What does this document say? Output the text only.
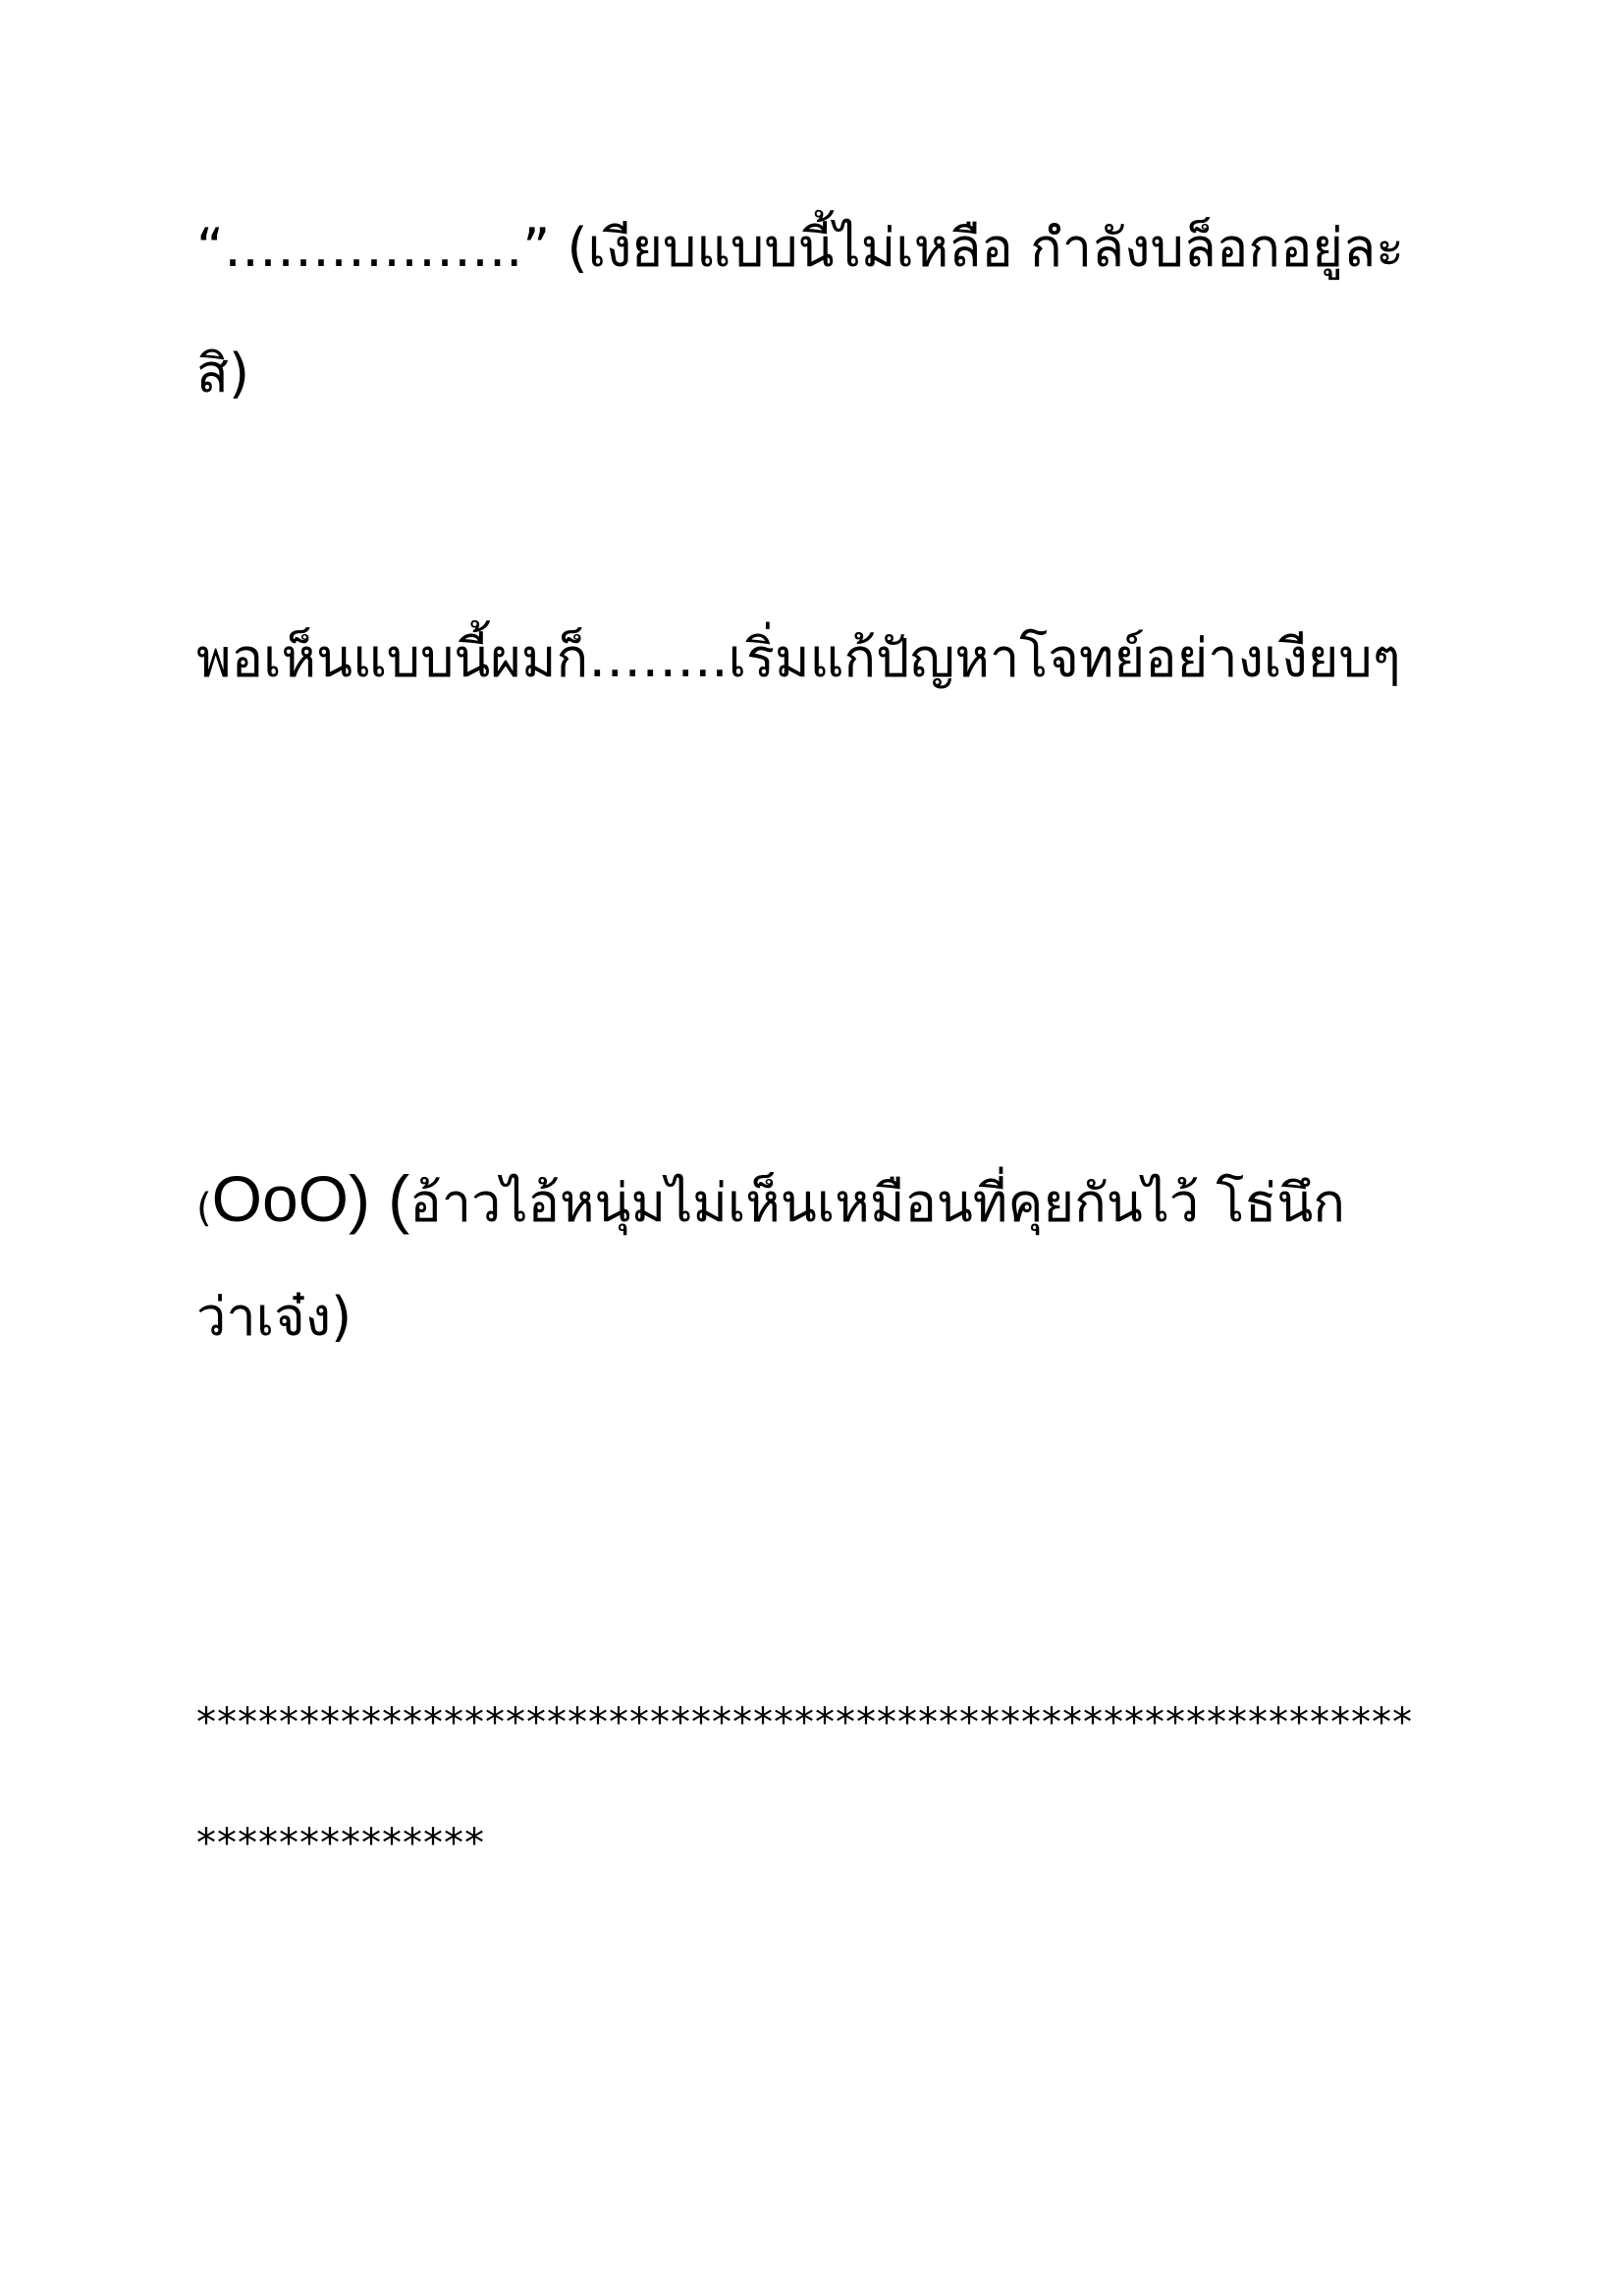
“……………..” (เงียบแบบนี้ไม่เหลือ กำลังบล็อกอยู่ละ
สิ)
พอเห็นแบบนี้ผมก็……..เริ่มแก้ปัญหาโจทย์อย่างเงียบๆ
(OoO) (อ้าวไอ้หนุ่มไม่เห็นเหมือนที่คุยกันไว้ โธ่นึก
ว่าเจ๋ง)
***********************************************************
**************
